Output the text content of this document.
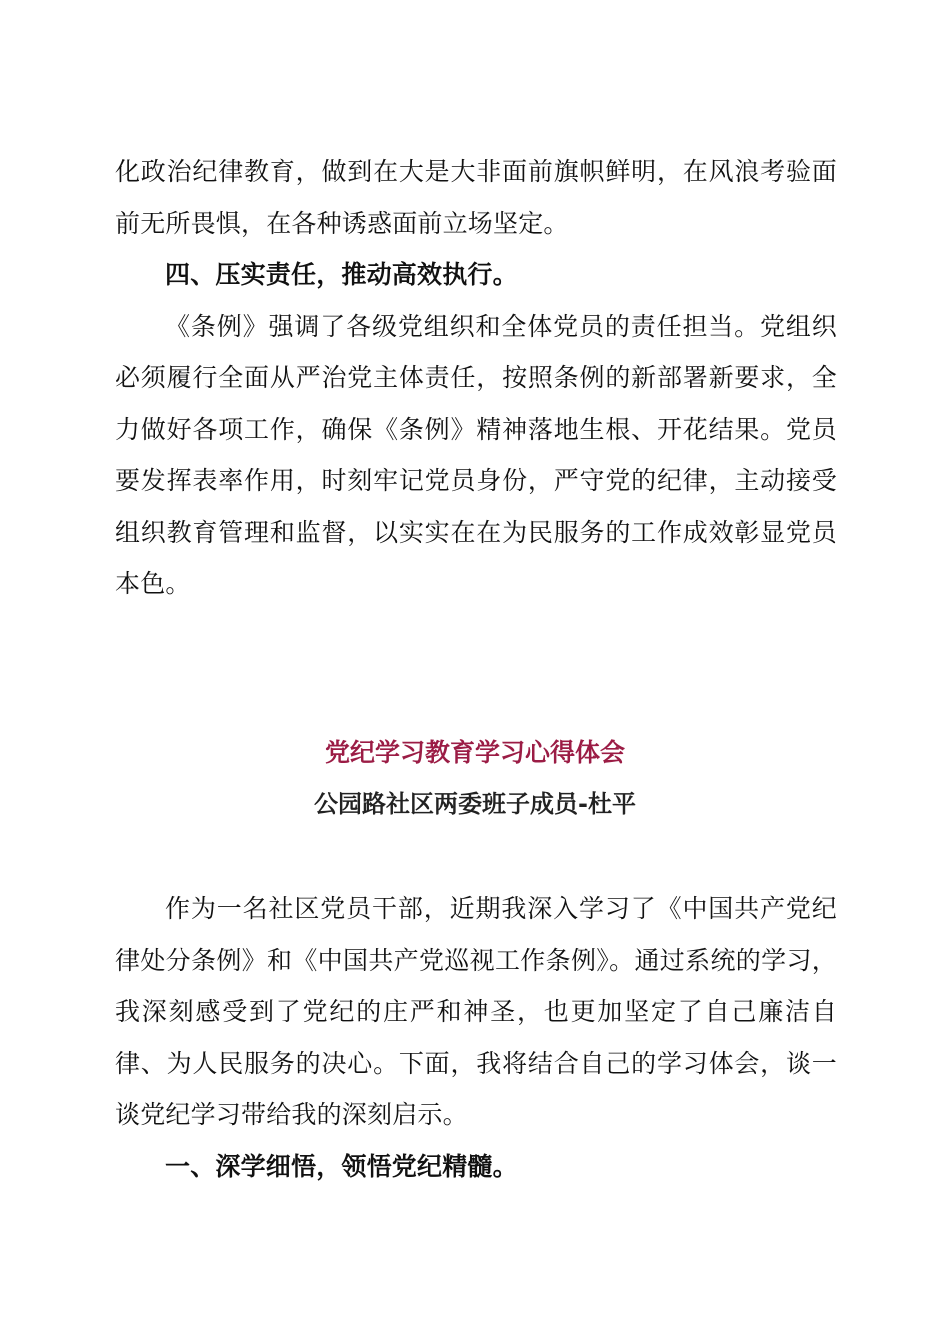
化政治纪律教育，做到在大是大非面前旗帜鲜明，在风浪考验面前无所畏惧，在各种诱惑面前立场坚定。

四、压实责任，推动高效执行。

《条例》强调了各级党组织和全体党员的责任担当。党组织必须履行全面从严治党主体责任，按照条例的新部署新要求，全力做好各项工作，确保《条例》精神落地生根、开花结果。党员要发挥表率作用，时刻牢记党员身份，严守党的纪律，主动接受组织教育管理和监督，以实实在在为民服务的工作成效彰显党员本色。

党纪学习教育学习心得体会
公园路社区两委班子成员-杜平

作为一名社区党员干部，近期我深入学习了《中国共产党纪律处分条例》和《中国共产党巡视工作条例》。通过系统的学习，我深刻感受到了党纪的庄严和神圣，也更加坚定了自己廉洁自律、为人民服务的决心。下面，我将结合自己的学习体会，谈一谈党纪学习带给我的深刻启示。

一、深学细悟，领悟党纪精髓。
